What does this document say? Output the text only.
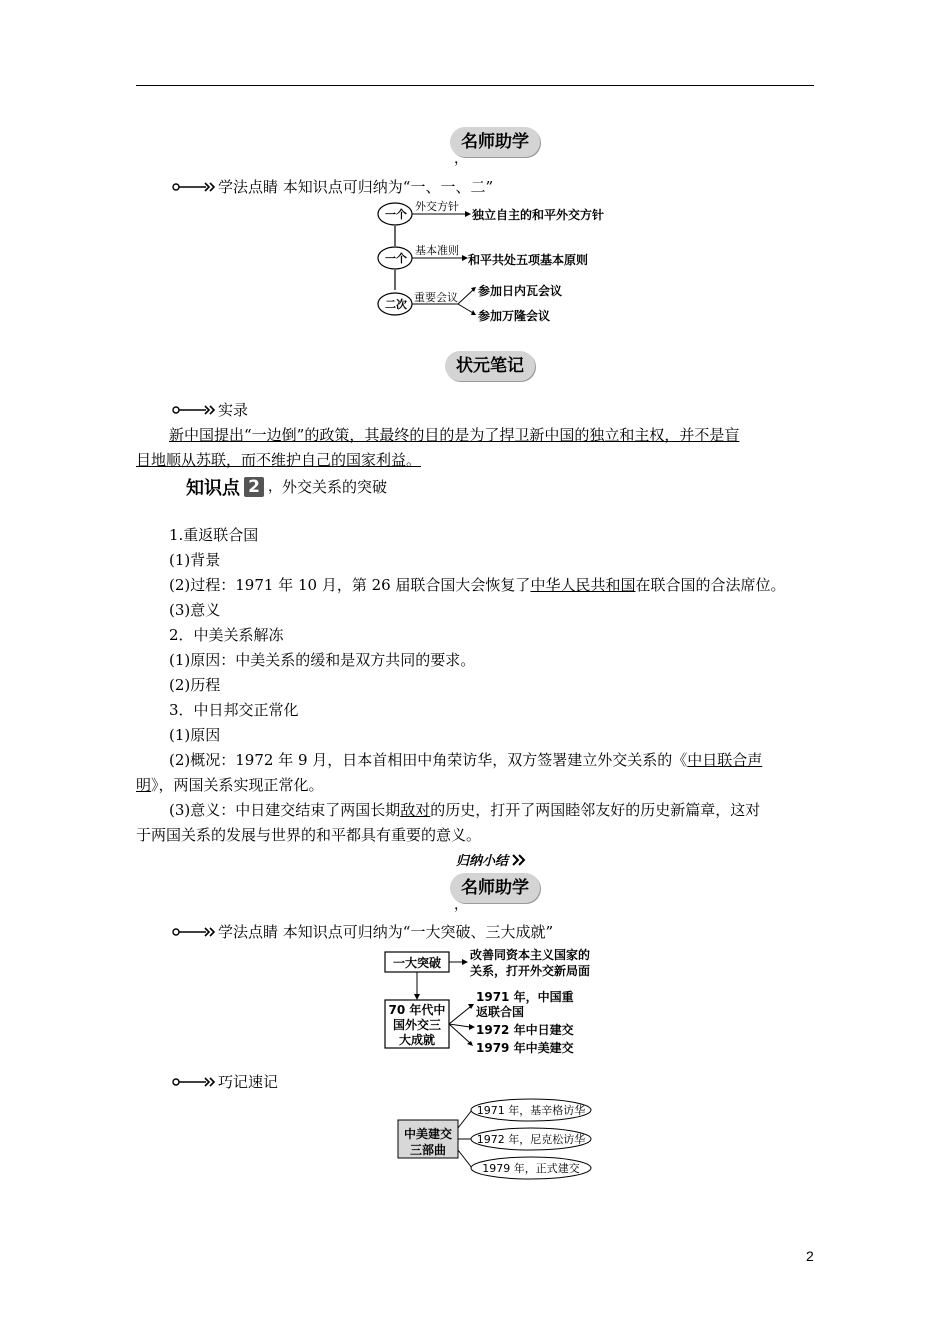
名师助学
，
学法点睛
本知识点可归纳为“一、一、二”
一个
一个
二次
外交方针
基本准则
重要会议
独立自主的和平外交方针
和平共处五项基本原则
参加日内瓦会议
参加万隆会议
状元笔记
实录
新中国提出“一边倒”的政策，其最终的目的是为了捍卫新中国的独立和主权，并不是盲
目地顺从苏联，而不维护自己的国家利益。
知识点 2 ， 外交关系的突破
1.重返联合国
(1)背景
(2)过程：1971 年 10 月，第 26 届联合国大会恢复了中华人民共和国在联合国的合法席位。
(3)意义
2．中美关系解冻
(1)原因：中美关系的缓和是双方共同的要求。
(2)历程
3．中日邦交正常化
(1)原因
(2)概况：1972 年 9 月，日本首相田中角荣访华，双方签署建立外交关系的《中日联合声
明》，两国关系实现正常化。
(3)意义：中日建交结束了两国长期敌对的历史，打开了两国睦邻友好的历史新篇章，这对
于两国关系的发展与世界的和平都具有重要的意义。
归纳小结
名师助学
，
学法点睛
本知识点可归纳为“一大突破、三大成就”
一大突破
改善同资本主义国家的
关系，打开外交新局面
70 年代中
国外交三
大成就
1971 年，中国重
返联合国
1972 年中日建交
1979 年中美建交
巧记速记
中美建交
三部曲
1971 年，基辛格访华
1972 年，尼克松访华
1979 年，正式建交
2
